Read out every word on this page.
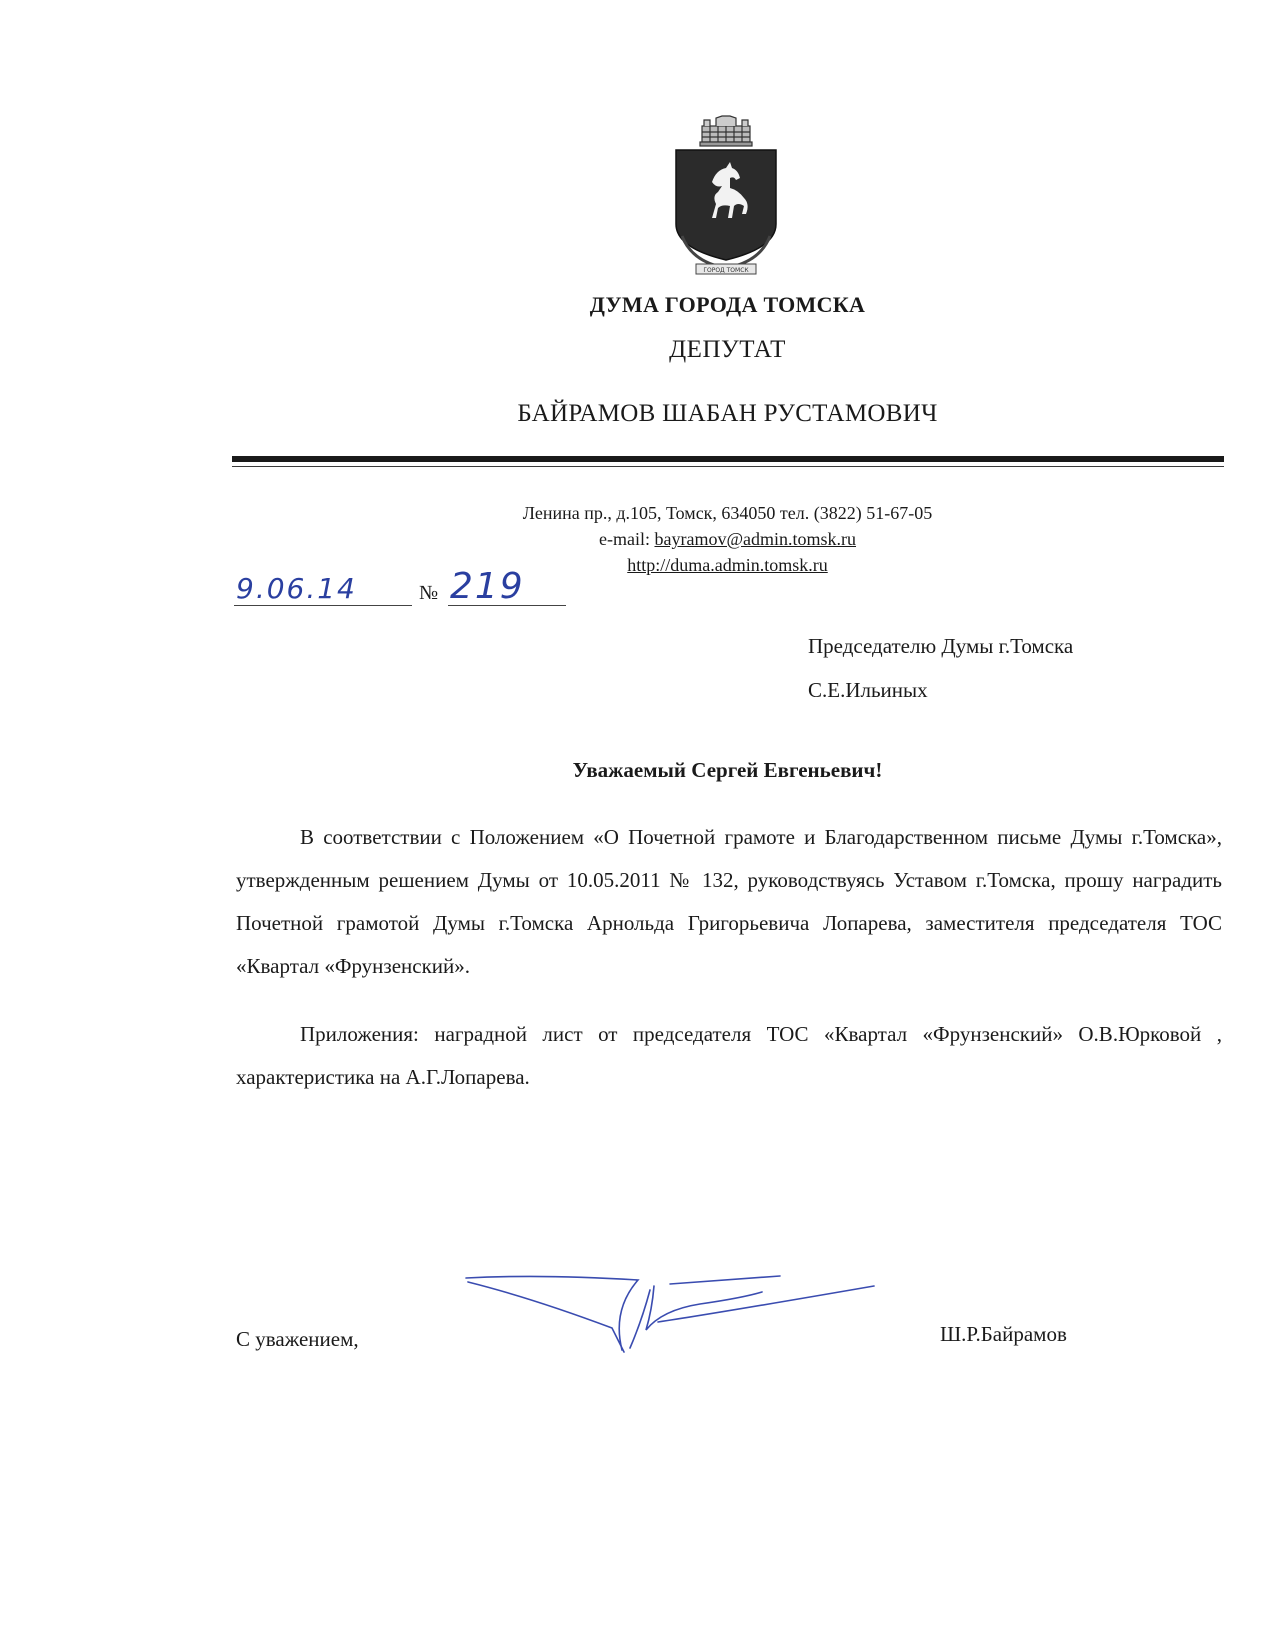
ГОРОД ТОМСК
ДУМА ГОРОДА ТОМСКА
ДЕПУТАТ
БАЙРАМОВ ШАБАН РУСТАМОВИЧ
Ленина пр., д.105, Томск, 634050 тел. (3822) 51-67-05
e-mail: bayramov@admin.tomsk.ru
http://duma.admin.tomsk.ru
9.06.14	№ 219
Председателю Думы г.Томска
С.Е.Ильиных
Уважаемый Сергей Евгеньевич!

В соответствии с Положением «О Почетной грамоте и Благодарственном письме Думы г.Томска», утвержденным решением Думы от 10.05.2011 № 132, руководствуясь Уставом г.Томска, прошу наградить Почетной грамотой Думы г.Томска Арнольда Григорьевича Лопарева, заместителя председателя ТОС «Квартал «Фрунзенский».

Приложения: наградной лист от председателя ТОС «Квартал «Фрунзенский» О.В.Юрковой , характеристика на А.Г.Лопарева.

С уважением,	Ш.Р.Байрамов
